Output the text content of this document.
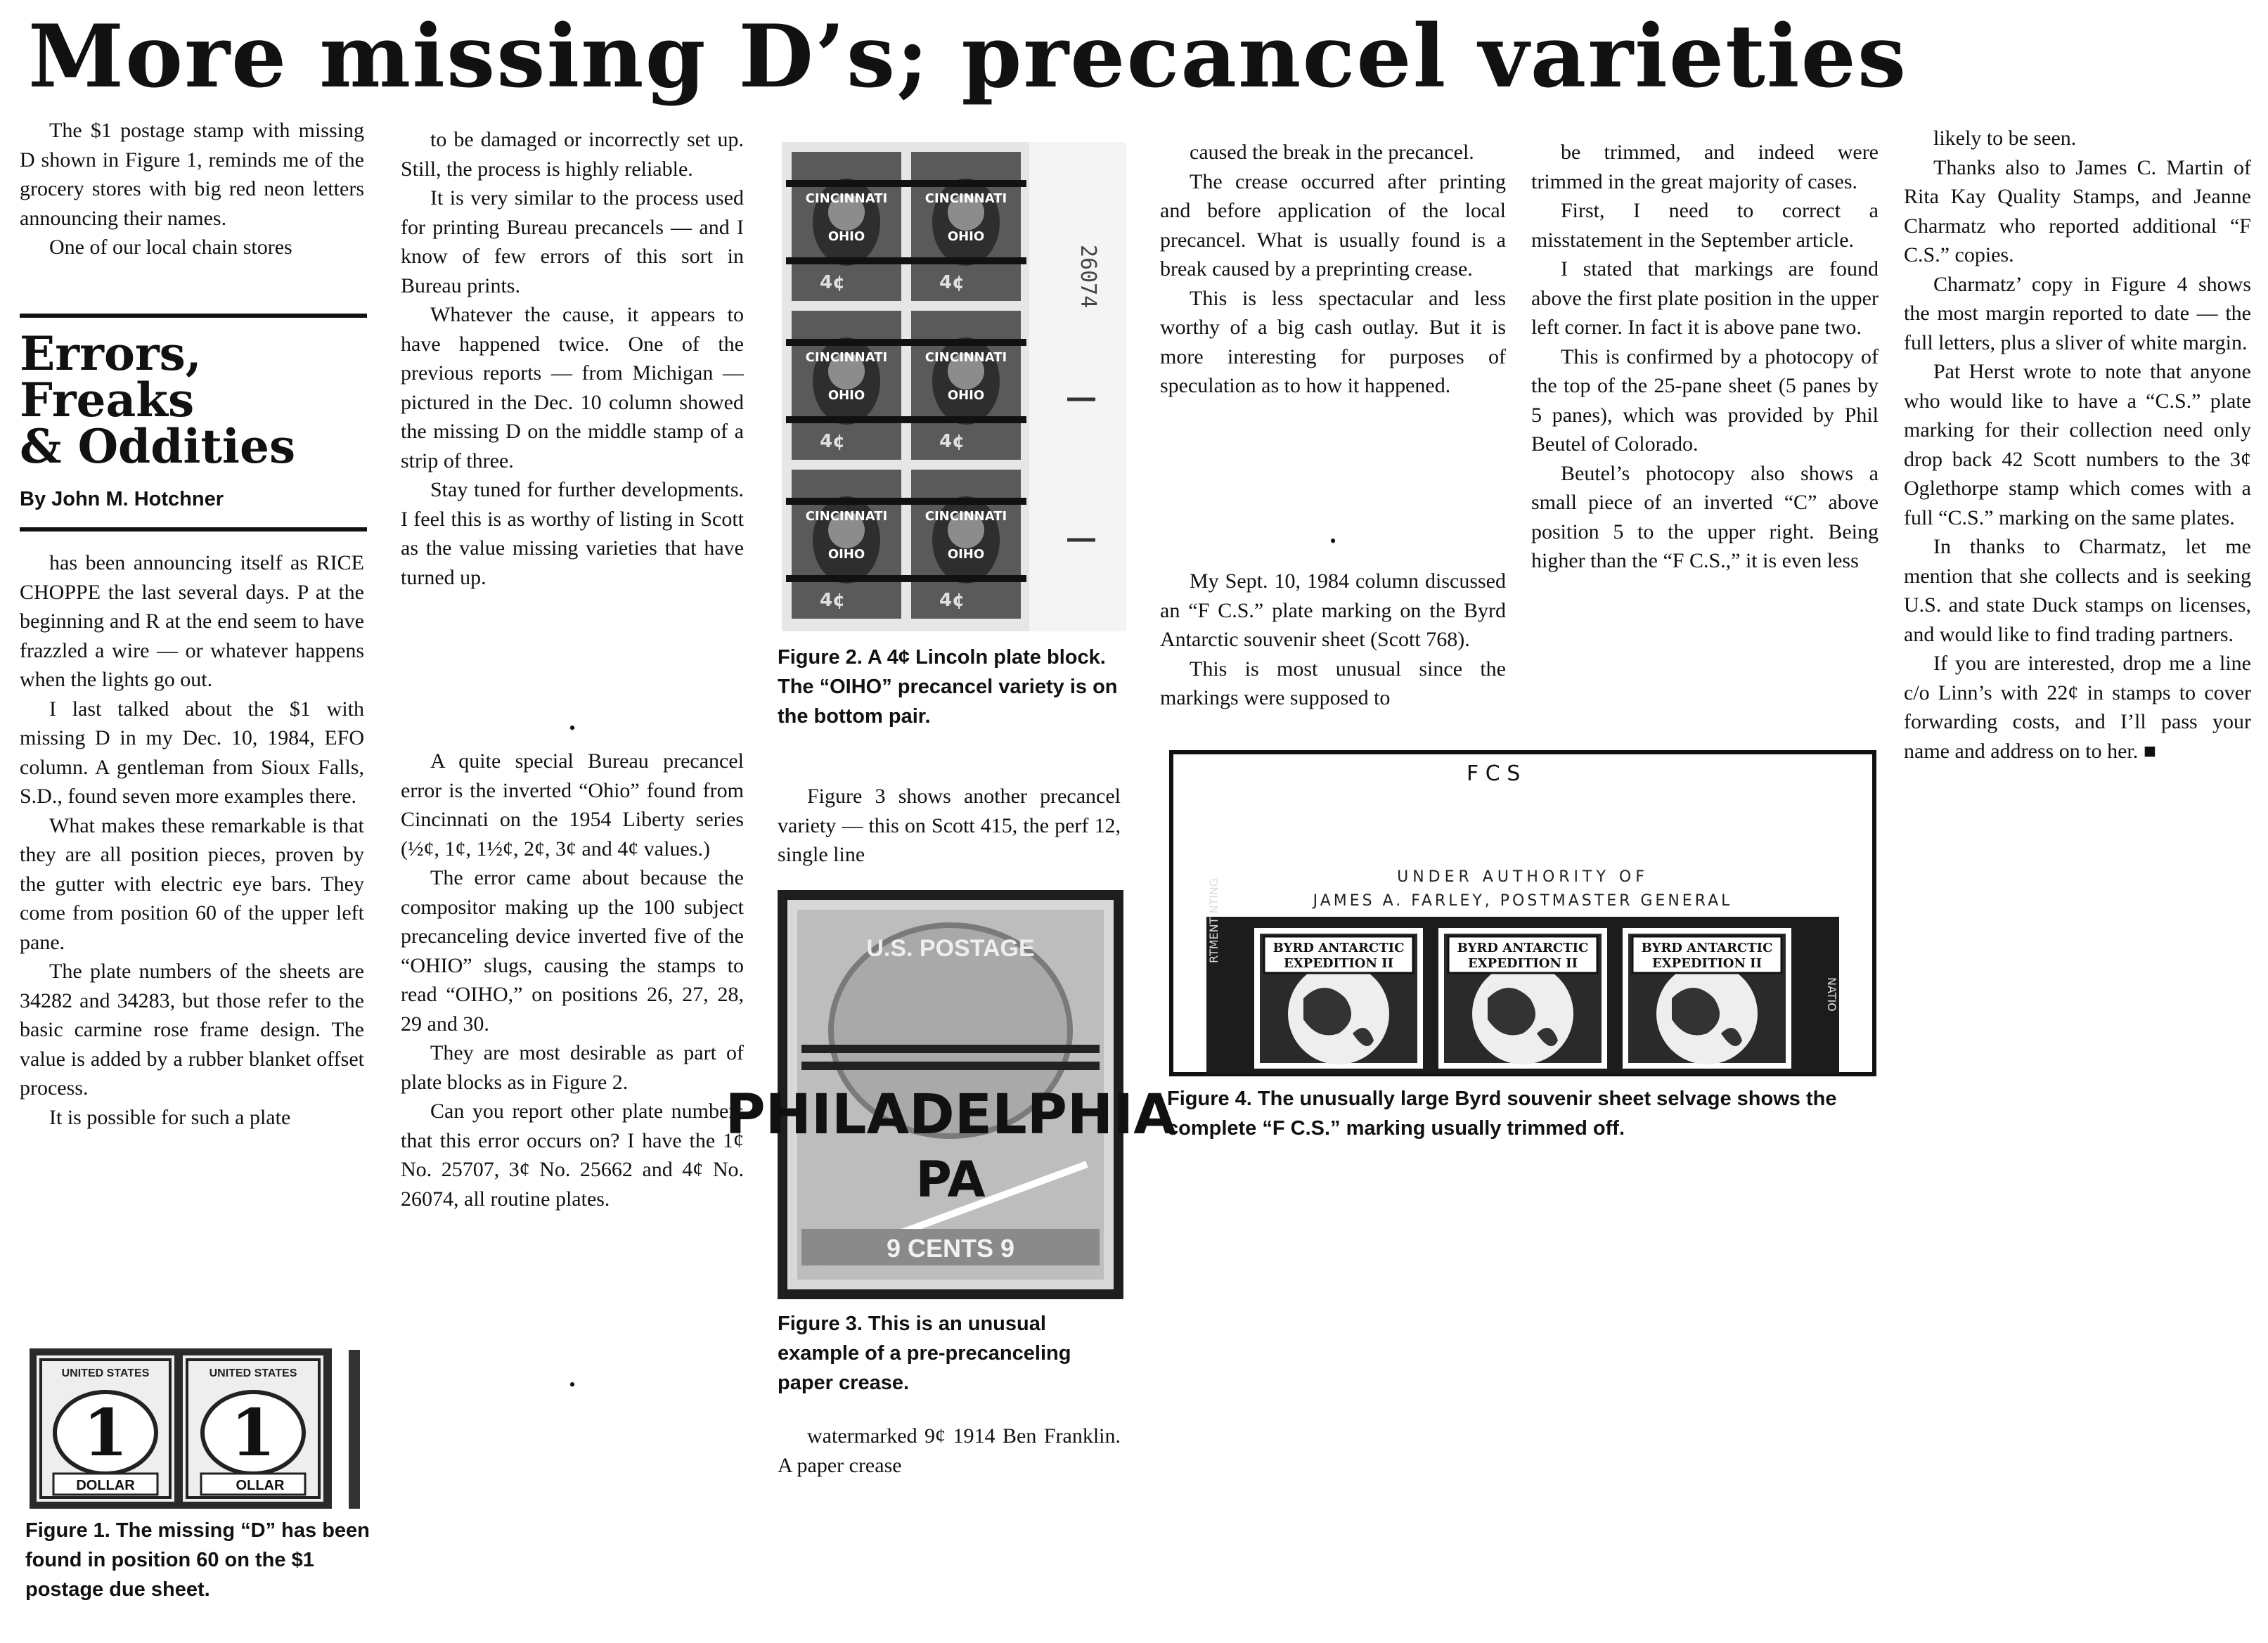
More missing D’s; precancel varieties

The $1 postage stamp with missing D shown in Figure 1, reminds me of the grocery stores with big red neon letters announcing their names.

One of our local chain stores

Errors,
Freaks
& Oddities
By John M. Hotchner

has been announcing itself as RICE CHOPPE the last several days. P at the beginning and R at the end seem to have frazzled a wire — or whatever happens when the lights go out.

I last talked about the $1 with missing D in my Dec. 10, 1984, EFO column. A gentleman from Sioux Falls, S.D., found seven more examples there.

What makes these remarkable is that they are all position pieces, proven by the gutter with electric eye bars. They come from position 60 of the upper left pane.

The plate numbers of the sheets are 34282 and 34283, but those refer to the basic carmine rose frame design. The value is added by a rubber blanket offset process.

It is possible for such a plate

UNITED STATES
1
DOLLAR
UNITED STATES
1
OLLAR
Figure 1. The missing “D” has been found in position 60 on the $1 postage due sheet.

to be damaged or incorrectly set up. Still, the process is highly reliable.

It is very similar to the process used for printing Bureau precancels — and I know of few errors of this sort in Bureau prints.

Whatever the cause, it appears to have happened twice. One of the previous reports — from Michigan — pictured in the Dec. 10 column showed the missing D on the middle stamp of a strip of three.

Stay tuned for further developments. I feel this is as worthy of listing in Scott as the value missing varieties that have turned up.

•

A quite special Bureau precancel error is the inverted “Ohio” found from Cincinnati on the 1954 Liberty series (½¢, 1¢, 1½¢, 2¢, 3¢ and 4¢ values.)

The error came about because the compositor making up the 100 subject precanceling device inverted five of the “OHIO” slugs, causing the stamps to read “OIHO,” on positions 26, 27, 28, 29 and 30.

They are most desirable as part of plate blocks as in Figure 2.

Can you report other plate numbers that this error occurs on? I have the 1¢ No. 25707, 3¢ No. 25662 and 4¢ No. 26074, all routine plates.

•
4¢
CINCINNATI
OHIO
4¢
CINCINNATI
OHIO
4¢
CINCINNATI
OHIO
4¢
CINCINNATI
OHIO
4¢
CINCINNATI
OIHO
4¢
CINCINNATI
OIHO
26074
Figure 2. A 4¢ Lincoln plate block. The “OIHO” precancel variety is on the bottom pair.

Figure 3 shows another precancel variety — this on Scott 415, the perf 12, single line

U.S. POSTAGE
PHILADELPHIA
PA
9 CENTS 9
Figure 3. This is an unusual example of a pre-precanceling paper crease.

watermarked 9¢ 1914 Ben Franklin. A paper crease

caused the break in the precancel.

The crease occurred after printing and before application of the local precancel. What is usually found is a break caused by a preprinting crease.

This is less spectacular and less worthy of a big cash outlay. But it is more interesting for purposes of speculation as to how it happened.

•

My Sept. 10, 1984 column discussed an “F C.S.” plate marking on the Byrd Antarctic souvenir sheet (Scott 768).

This is most unusual since the markings were supposed to

be trimmed, and indeed were trimmed in the great majority of cases.

First, I need to correct a misstatement in the September article.

I stated that markings are found above the first plate position in the upper left corner. In fact it is above pane two.

This is confirmed by a photocopy of the top of the 25-pane sheet (5 panes by 5 panes), which was provided by Phil Beutel of Colorado.

Beutel’s photocopy also shows a small piece of an inverted “C” above position 5 to the upper right. Being higher than the “F C.S.,” it is even less

likely to be seen.

Thanks also to James C. Martin of Rita Kay Quality Stamps, and Jeanne Charmatz who reported additional “F C.S.” copies.

Charmatz’ copy in Figure 4 shows the most margin reported to date — the full letters, plus a sliver of white margin.

Pat Herst wrote to note that anyone who would like to have a “C.S.” plate marking for their collection need only drop back 42 Scott numbers to the 3¢ Oglethorpe stamp which comes with a full “C.S.” marking on the same plates.

In thanks to Charmatz, let me mention that she collects and is seeking U.S. and state Duck stamps on licenses, and would like to find trading partners.

If you are interested, drop me a line c/o Linn’s with 22¢ in stamps to cover forwarding costs, and I’ll pass your name and address on to her. ■

F C S
UNDER AUTHORITY OF
JAMES A. FARLEY, POSTMASTER GENERAL
BYRD ANTARCTIC
EXPEDITION II
BYRD ANTARCTIC
EXPEDITION II
BYRD ANTARCTIC
EXPEDITION II
RTMENT NTING
NATIO
Figure 4. The unusually large Byrd souvenir sheet selvage shows the complete “F C.S.” marking usually trimmed off.
